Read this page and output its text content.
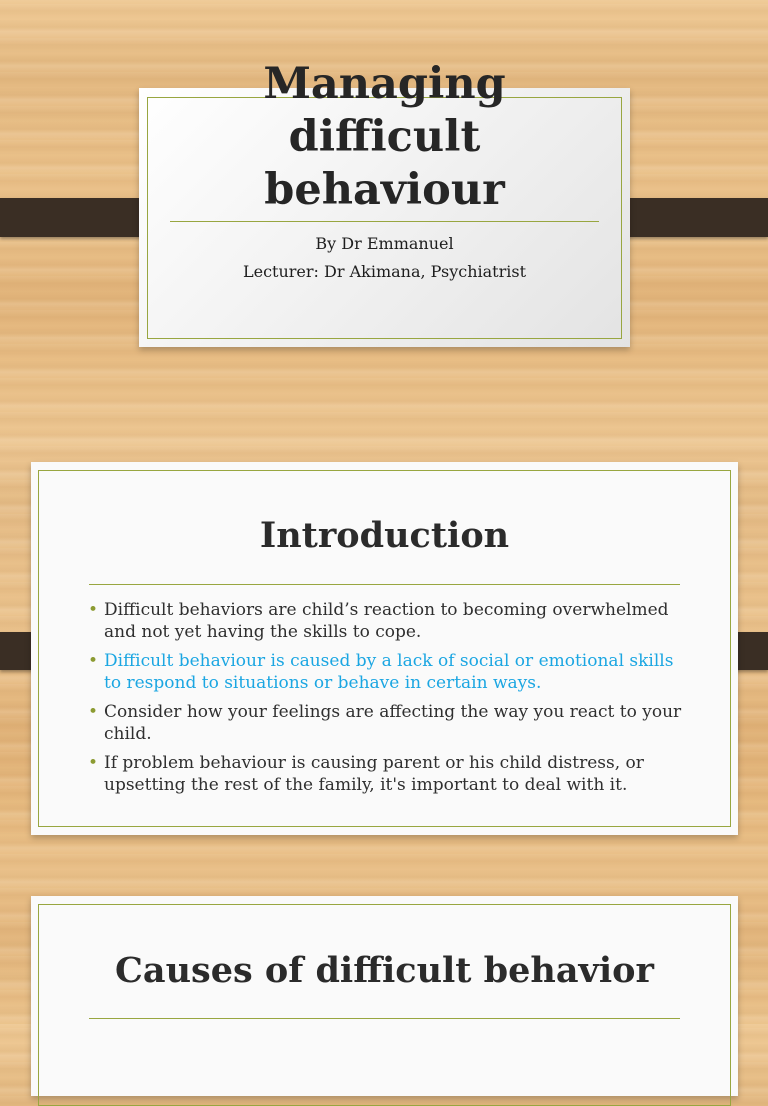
By Dr Emmanuel

Lecturer: Dr Akimana, Psychiatrist

Managing
difficult
behaviour
Introduction
• Difficult behaviors are child’s reaction to becoming overwhelmed and not yet having the skills to cope.
• Difficult behaviour is caused by a lack of social or emotional skills to respond to situations or behave in certain ways.
• Consider how your feelings are affecting the way you react to your child.
• If problem behaviour is causing parent or his child distress, or upsetting the rest of the family, it's important to deal with it.
Causes of difficult behavior
